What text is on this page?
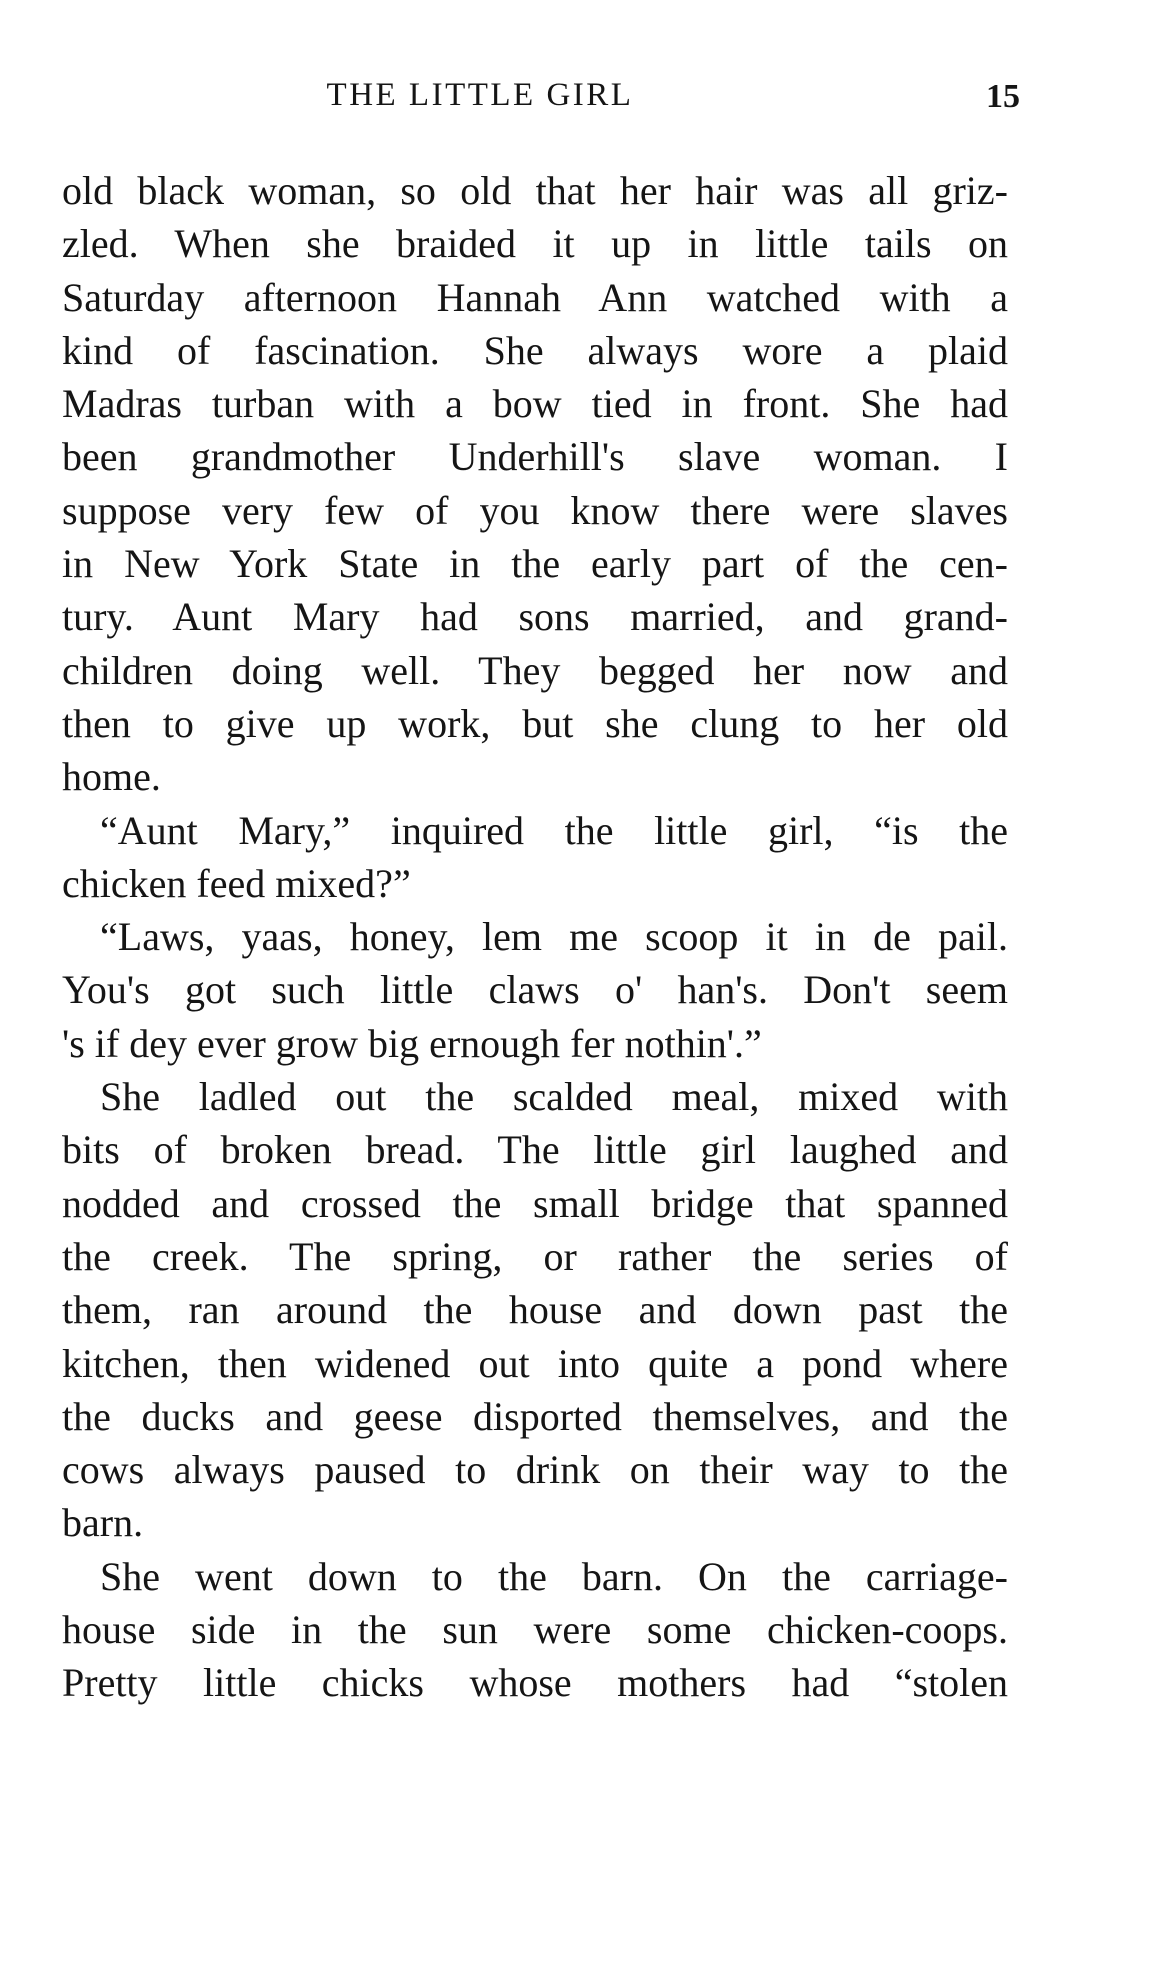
THE LITTLE GIRL	15
old black woman, so old that her hair was all griz-
zled. When she braided it up in little tails on
Saturday afternoon Hannah Ann watched with a
kind of fascination. She always wore a plaid
Madras turban with a bow tied in front. She had
been grandmother Underhill's slave woman. I
suppose very few of you know there were slaves
in New York State in the early part of the cen-
tury. Aunt Mary had sons married, and grand-
children doing well. They begged her now and
then to give up work, but she clung to her old
home.
“Aunt Mary,” inquired the little girl, “is the
chicken feed mixed?”
“Laws, yaas, honey, lem me scoop it in de pail.
You's got such little claws o' han's. Don't seem
's if dey ever grow big ernough fer nothin'.”
She ladled out the scalded meal, mixed with
bits of broken bread. The little girl laughed and
nodded and crossed the small bridge that spanned
the creek. The spring, or rather the series of
them, ran around the house and down past the
kitchen, then widened out into quite a pond where
the ducks and geese disported themselves, and the
cows always paused to drink on their way to the
barn.
She went down to the barn. On the carriage-
house side in the sun were some chicken-coops.
Pretty little chicks whose mothers had “stolen
